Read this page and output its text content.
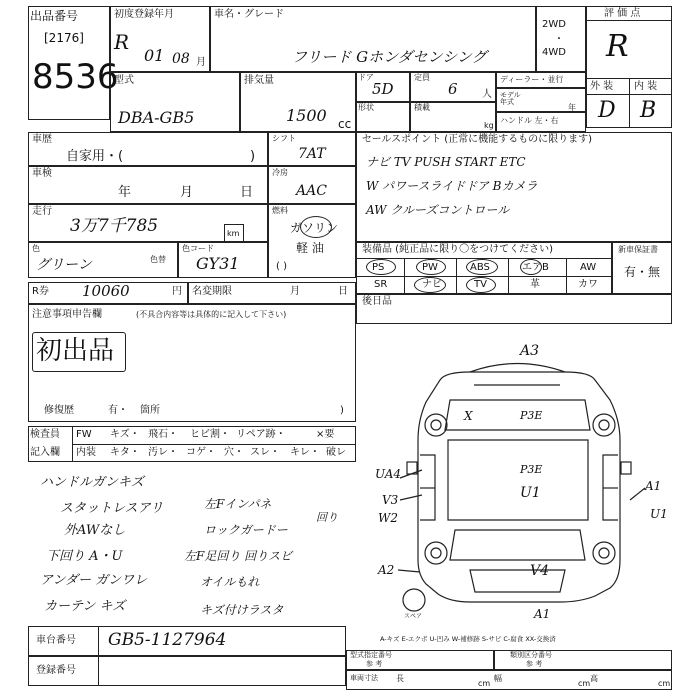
出品番号
[2176]
8536
初度登録年月
R
01 08 月
車名・グレード
フリード Gホンダセンシング
2WD
・
4WD
評 価 点
R
外 装 内 装
D B
型式
DBA-GB5
排気量
1500 cc
ドア
5D
定員
6 人
ディーラー・並行
モデル年式
年
形状	積載
kg
ハンドル 左・右
車歴
自家用・(	)
シフト
7AT
車検
年	月	日
冷房
AAC
走行
3万7千785	km
燃料
ガソリン
軽 油
( )
色
グリーン	色替
色コード
GY31
セールスポイント (正常に機能するものに限ります)
ナビ TV PUSH START ETC
W パワースライドドア Bカメラ
AW クルーズコントロール
装備品 (純正品に限り〇をつけてください)	新車保証書
有・無
PS	PW	ABS	エアB	AW
SR	ナビ	TV	革	カワ
後日品
R券 10060	円 名変期限	月	日
注意事項申告欄	(不具合内容等は具体的に記入して下さい)
初出品
修復歴	有・ 箇所	)
検査員
記入欄
FW キズ・ 飛石・ ヒビ割・ リペア跡・	×要
内装 キタ・ 汚レ・ コゲ・ 穴・ スレ・ キレ・ 破レ
ハンドルガンキズ
スタットレスアリ
外AWなし
下回り A・U
アンダー ガンワレ
カーテン キズ
左Fインパネ
ロックガードー
左F足回り 回りスビ
オイルもれ
キズ付けラスタ
回り
A3
X	P3E
P3E
U1
UA4
V3
W2
A1
U1
A2	V4
A1
スペア
A-キズ E-エクボ U-凹み W-補修跡 S-サビ C-腐食 XX-交換済
車台番号 GB5-1127964
登録番号
型式指定番号
参 考
類別区分番号
参 考
車両寸法 長
cm
幅
cm
高
cm
